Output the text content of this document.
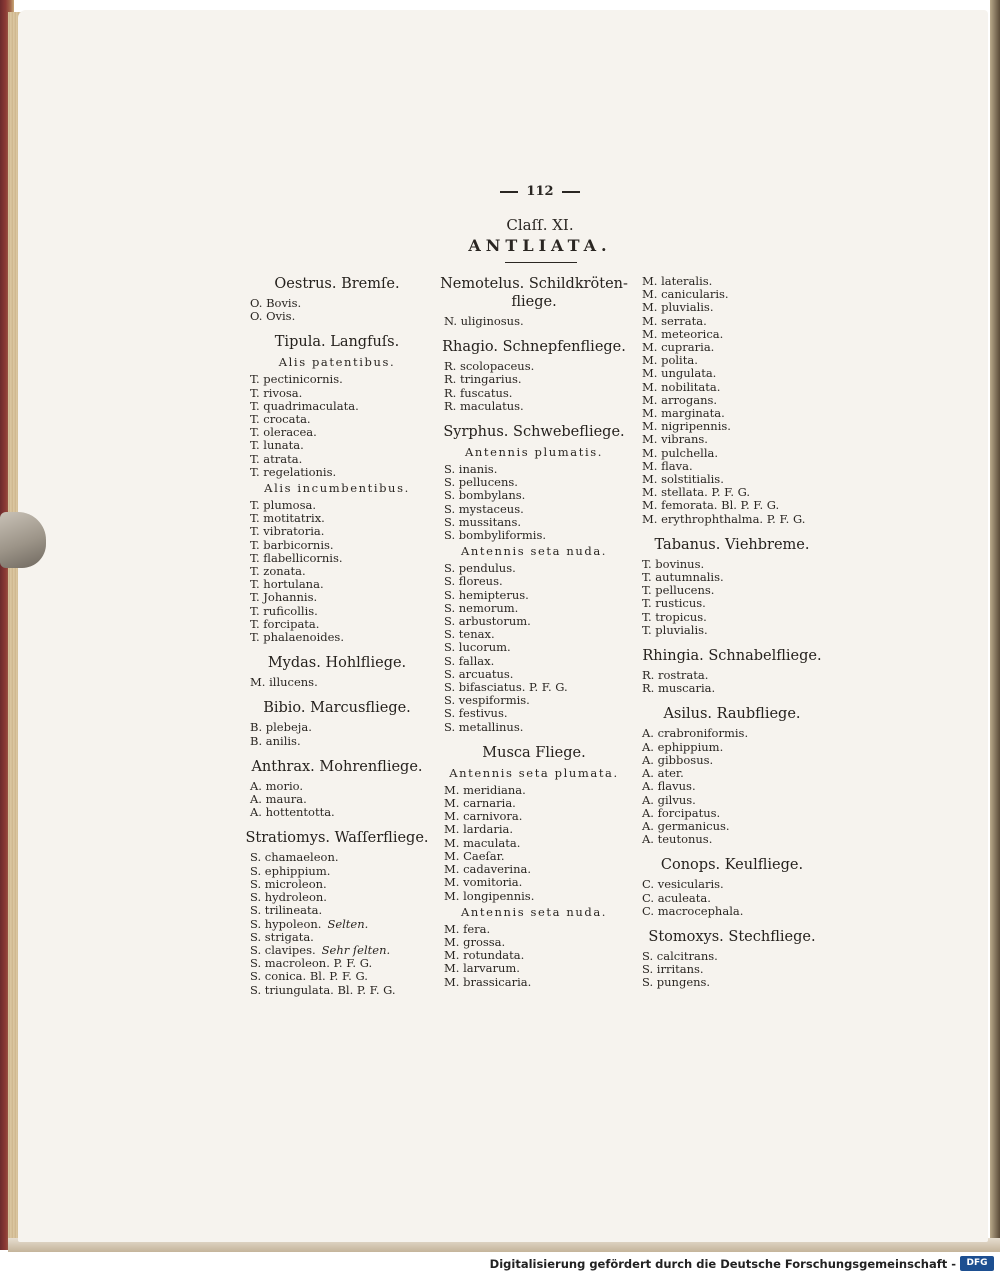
112
Claſſ. XI.
ANTLIATA.
Oestrus. Bremſe.
O. Bovis.
O. Ovis.
Tipula. Langfuſs.
Alis patentibus.
T. pectinicornis.
T. rivosa.
T. quadrimaculata.
T. crocata.
T. oleracea.
T. lunata.
T. atrata.
T. regelationis.
Alis incumbentibus.
T. plumosa.
T. motitatrix.
T. vibratoria.
T. barbicornis.
T. flabellicornis.
T. zonata.
T. hortulana.
T. Johannis.
T. ruficollis.
T. forcipata.
T. phalaenoides.
Mydas. Hohlfliege.
M. illucens.
Bibio. Marcusfliege.
B. plebeja.
B. anilis.
Anthrax. Mohrenfliege.
A. morio.
A. maura.
A. hottentotta.
Stratiomys. Waſſerfliege.
S. chamaeleon.
S. ephippium.
S. microleon.
S. hydroleon.
S. trilineata.
S. hypoleon. Selten.
S. strigata.
S. clavipes. Sehr ſelten.
S. macroleon. P. F. G.
S. conica. Bl. P. F. G.
S. triungulata. Bl. P. F. G.
Nemotelus. Schildkröten-fliege.
N. uliginosus.
Rhagio. Schnepfenfliege.
R. scolopaceus.
R. tringarius.
R. fuscatus.
R. maculatus.
Syrphus. Schwebefliege.
Antennis plumatis.
S. inanis.
S. pellucens.
S. bombylans.
S. mystaceus.
S. mussitans.
S. bombyliformis.
Antennis seta nuda.
S. pendulus.
S. floreus.
S. hemipterus.
S. nemorum.
S. arbustorum.
S. tenax.
S. lucorum.
S. fallax.
S. arcuatus.
S. bifasciatus. P. F. G.
S. vespiformis.
S. festivus.
S. metallinus.
Musca Fliege.
Antennis seta plumata.
M. meridiana.
M. carnaria.
M. carnivora.
M. lardaria.
M. maculata.
M. Caeſar.
M. cadaverina.
M. vomitoria.
M. longipennis.
Antennis seta nuda.
M. fera.
M. grossa.
M. rotundata.
M. larvarum.
M. brassicaria.
M. lateralis.
M. canicularis.
M. pluvialis.
M. serrata.
M. meteorica.
M. cupraria.
M. polita.
M. ungulata.
M. nobilitata.
M. arrogans.
M. marginata.
M. nigripennis.
M. vibrans.
M. pulchella.
M. flava.
M. solstitialis.
M. stellata. P. F. G.
M. femorata. Bl. P. F. G.
M. erythrophthalma. P. F. G.
Tabanus. Viehbreme.
T. bovinus.
T. autumnalis.
T. pellucens.
T. rusticus.
T. tropicus.
T. pluvialis.
Rhingia. Schnabelfliege.
R. rostrata.
R. muscaria.
Asilus. Raubfliege.
A. crabroniformis.
A. ephippium.
A. gibbosus.
A. ater.
A. flavus.
A. gilvus.
A. forcipatus.
A. germanicus.
A. teutonus.
Conops. Keulfliege.
C. vesicularis.
C. aculeata.
C. macrocephala.
Stomoxys. Stechfliege.
S. calcitrans.
S. irritans.
S. pungens.
Digitalisierung gefördert durch die Deutsche Forschungsgemeinschaft -	DFG
